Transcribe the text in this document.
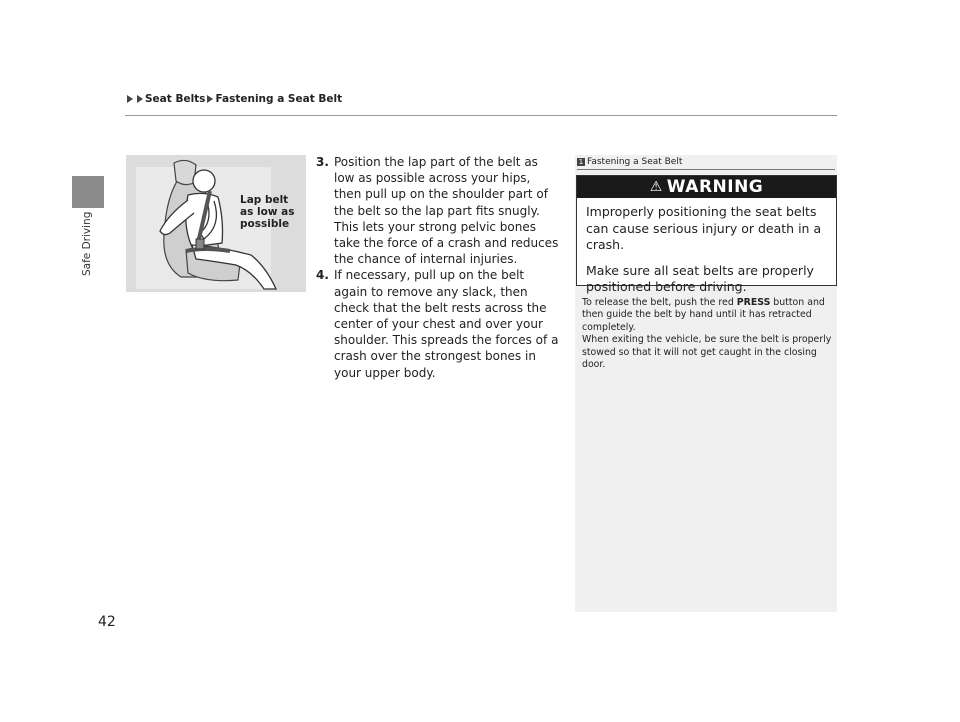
Safe Driving
Seat Belts Fastening a Seat Belt
Lap belt
as low as
possible
3. Position the lap part of the belt as low as possible across your hips, then pull up on the shoulder part of the belt so the lap part fits snugly. This lets your strong pelvic bones take the force of a crash and reduces the chance of internal injuries.
4. If necessary, pull up on the belt again to remove any slack, then check that the belt rests across the center of your chest and over your shoulder. This spreads the forces of a crash over the strongest bones in your upper body.
1 Fastening a Seat Belt
⚠ WARNING

Improperly positioning the seat belts can cause serious injury or death in a crash.

Make sure all seat belts are properly positioned before driving.

To release the belt, push the red PRESS button and then guide the belt by hand until it has retracted completely.

When exiting the vehicle, be sure the belt is properly stowed so that it will not get caught in the closing door.

42
